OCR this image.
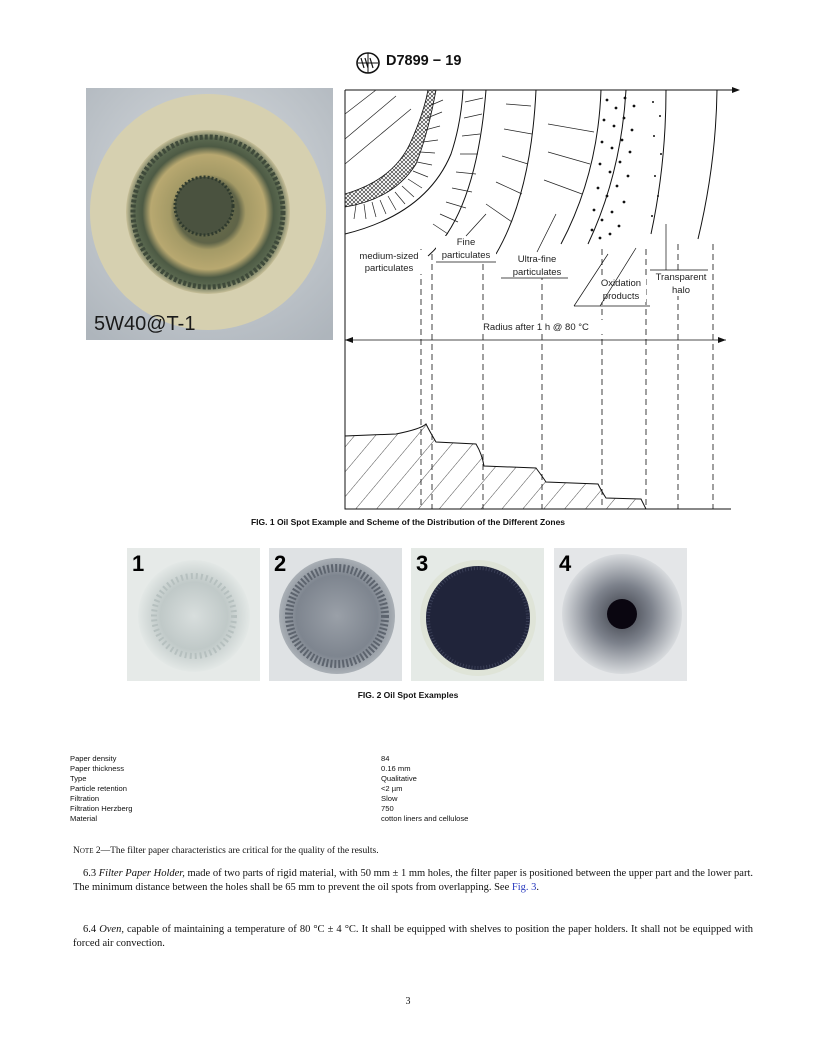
D7899 − 19
5W40@T-1
medium-sized
particulates
Fine
particulates	Ultra-fine
particulates
Oxidation
products
Transparent
halo
Radius after 1 h @ 80 °C
FIG. 1 Oil Spot Example and Scheme of the Distribution of the Different Zones
1	2	3	4
FIG. 2 Oil Spot Examples
Paper density	84
Paper thickness	0.16 mm
Type	Qualitative
Particle retention	<2 µm
Filtration	Slow
Filtration Herzberg	750
Material	cotton liners and cellulose
Note 2—The filter paper characteristics are critical for the quality of the results.
6.3 Filter Paper Holder, made of two parts of rigid material, with 50 mm ± 1 mm holes, the filter paper is positioned between the upper part and the lower part. The minimum distance between the holes shall be 65 mm to prevent the oil spots from overlapping. See Fig. 3.
6.4 Oven, capable of maintaining a temperature of 80 °C ± 4 °C. It shall be equipped with shelves to position the paper holders. It shall not be equipped with forced air convection.
3
